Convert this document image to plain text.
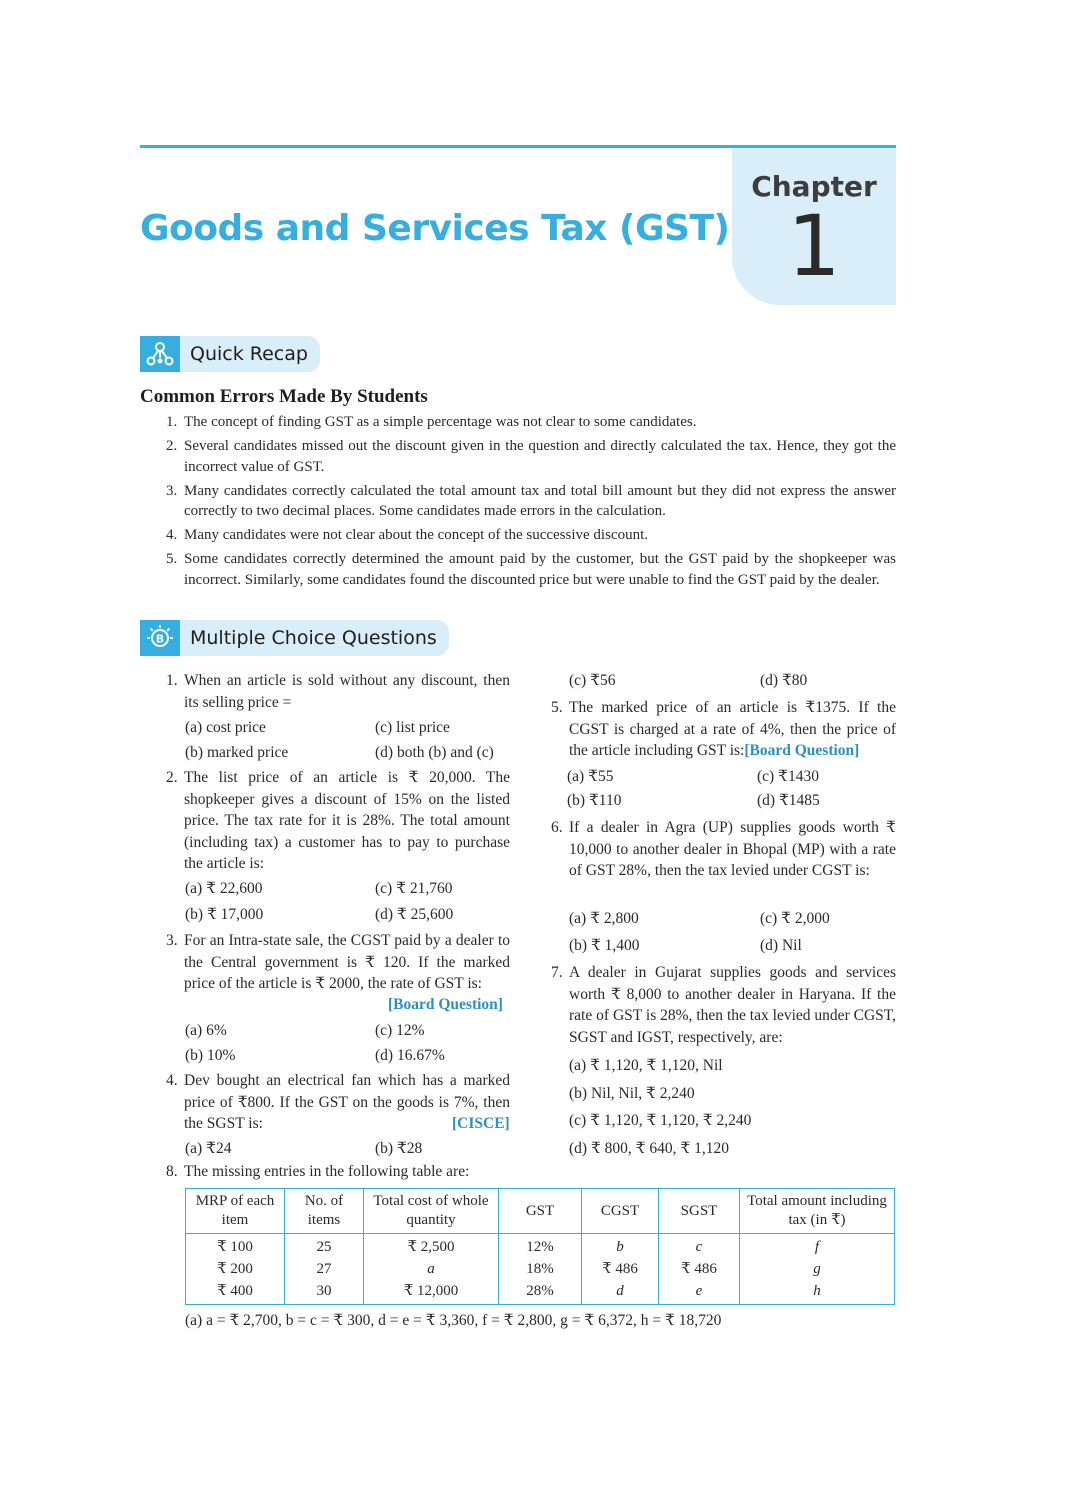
Goods and Services Tax (GST)
Chapter
1
Quick Recap
Common Errors Made By Students
1. The concept of finding GST as a simple percentage was not clear to some candidates.
2. Several candidates missed out the discount given in the question and directly calculated the tax. Hence, they got the incorrect value of GST.
3. Many candidates correctly calculated the total amount tax and total bill amount but they did not express the answer correctly to two decimal places. Some candidates made errors in the calculation.
4. Many candidates were not clear about the concept of the successive discount.
5. Some candidates correctly determined the amount paid by the customer, but the GST paid by the shopkeeper was incorrect. Similarly, some candidates found the discounted price but were unable to find the GST paid by the dealer.
B	Multiple Choice Questions
1. When an article is sold without any discount, then its selling price =
(a) cost price	(c) list price
(b) marked price	(d) both (b) and (c)
2. The list price of an article is ₹ 20,000. The shopkeeper gives a discount of 15% on the listed price. The tax rate for it is 28%. The total amount (including tax) a customer has to pay to purchase the article is:
(a) ₹ 22,600	(c) ₹ 21,760
(b) ₹ 17,000	(d) ₹ 25,600
3. For an Intra-state sale, the CGST paid by a dealer to the Central government is ₹ 120. If the marked price of the article is ₹ 2000, the rate of GST is:
[Board Question]
(a) 6%	(c) 12%
(b) 10%	(d) 16.67%
4. Dev bought an electrical fan which has a marked price of ₹800. If the GST on the goods is 7%, then the SGST is:	[CISCE]
(a) ₹24	(b) ₹28
(c) ₹56	(d) ₹80
5. The marked price of an article is ₹1375. If the CGST is charged at a rate of 4%, then the price of the article including GST is:[Board Question]
(a) ₹55	(c) ₹1430
(b) ₹110	(d) ₹1485
6. If a dealer in Agra (UP) supplies goods worth ₹ 10,000 to another dealer in Bhopal (MP) with a rate of GST 28%, then the tax levied under CGST is:
(a) ₹ 2,800	(c) ₹ 2,000
(b) ₹ 1,400	(d) Nil
7. A dealer in Gujarat supplies goods and services worth ₹ 8,000 to another dealer in Haryana. If the rate of GST is 28%, then the tax levied under CGST, SGST and IGST, respectively, are:
(a) ₹ 1,120, ₹ 1,120, Nil
(b) Nil, Nil, ₹ 2,240
(c) ₹ 1,120, ₹ 1,120, ₹ 2,240
(d) ₹ 800, ₹ 640, ₹ 1,120
8. The missing entries in the following table are:
MRP of each item	No. of items	Total cost of whole quantity	GST	CGST	SGST	Total amount including tax (in ₹)
₹ 100	25	₹ 2,500	12%	b	c	f
₹ 200	27	a	18%	₹ 486	₹ 486	g
₹ 400	30	₹ 12,000	28%	d	e	h
(a) a = ₹ 2,700, b = c = ₹ 300, d = e = ₹ 3,360, f = ₹ 2,800, g = ₹ 6,372, h = ₹ 18,720
